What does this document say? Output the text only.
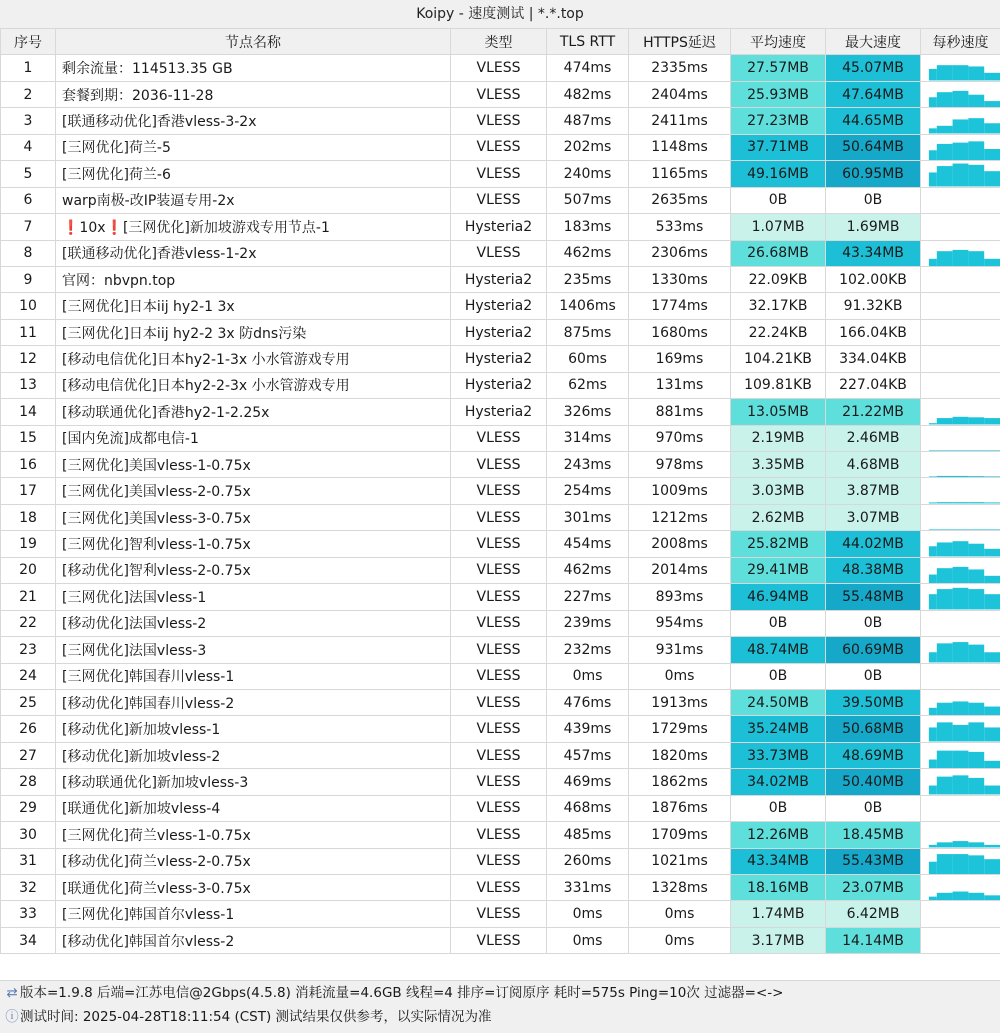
Koipy - 速度测试 | *.*.top
序号	节点名称	类型	TLS RTT	HTTPS延迟	平均速度	最大速度	每秒速度
1	剩余流量：114513.35 GB	VLESS	474ms	2335ms	27.57MB	45.07MB	

2	套餐到期：2036-11-28	VLESS	482ms	2404ms	25.93MB	47.64MB	

3	[联通移动优化]香港vless-3-2x	VLESS	487ms	2411ms	27.23MB	44.65MB	

4	[三网优化]荷兰-5	VLESS	202ms	1148ms	37.71MB	50.64MB	

5	[三网优化]荷兰-6	VLESS	240ms	1165ms	49.16MB	60.95MB	

6	warp南极-改IP装逼专用-2x	VLESS	507ms	2635ms	0B	0B	

7	❗10x❗[三网优化]新加坡游戏专用节点-1	Hysteria2	183ms	533ms	1.07MB	1.69MB	

8	[联通移动优化]香港vless-1-2x	VLESS	462ms	2306ms	26.68MB	43.34MB	

9	官网：nbvpn.top	Hysteria2	235ms	1330ms	22.09KB	102.00KB	

10	[三网优化]日本iij hy2-1 3x	Hysteria2	1406ms	1774ms	32.17KB	91.32KB	

11	[三网优化]日本iij hy2-2 3x 防dns污染	Hysteria2	875ms	1680ms	22.24KB	166.04KB	

12	[移动电信优化]日本hy2-1-3x 小水管游戏专用	Hysteria2	60ms	169ms	104.21KB	334.04KB	

13	[移动电信优化]日本hy2-2-3x 小水管游戏专用	Hysteria2	62ms	131ms	109.81KB	227.04KB	

14	[移动联通优化]香港hy2-1-2.25x	Hysteria2	326ms	881ms	13.05MB	21.22MB	

15	[国内免流]成都电信-1	VLESS	314ms	970ms	2.19MB	2.46MB	

16	[三网优化]美国vless-1-0.75x	VLESS	243ms	978ms	3.35MB	4.68MB	

17	[三网优化]美国vless-2-0.75x	VLESS	254ms	1009ms	3.03MB	3.87MB	

18	[三网优化]美国vless-3-0.75x	VLESS	301ms	1212ms	2.62MB	3.07MB	

19	[三网优化]智利vless-1-0.75x	VLESS	454ms	2008ms	25.82MB	44.02MB	

20	[移动优化]智利vless-2-0.75x	VLESS	462ms	2014ms	29.41MB	48.38MB	

21	[三网优化]法国vless-1	VLESS	227ms	893ms	46.94MB	55.48MB	

22	[移动优化]法国vless-2	VLESS	239ms	954ms	0B	0B	

23	[三网优化]法国vless-3	VLESS	232ms	931ms	48.74MB	60.69MB	

24	[三网优化]韩国春川vless-1	VLESS	0ms	0ms	0B	0B	

25	[移动优化]韩国春川vless-2	VLESS	476ms	1913ms	24.50MB	39.50MB	

26	[移动优化]新加坡vless-1	VLESS	439ms	1729ms	35.24MB	50.68MB	

27	[移动优化]新加坡vless-2	VLESS	457ms	1820ms	33.73MB	48.69MB	

28	[移动联通优化]新加坡vless-3	VLESS	469ms	1862ms	34.02MB	50.40MB	

29	[联通优化]新加坡vless-4	VLESS	468ms	1876ms	0B	0B	

30	[三网优化]荷兰vless-1-0.75x	VLESS	485ms	1709ms	12.26MB	18.45MB	

31	[移动优化]荷兰vless-2-0.75x	VLESS	260ms	1021ms	43.34MB	55.43MB	

32	[联通优化]荷兰vless-3-0.75x	VLESS	331ms	1328ms	18.16MB	23.07MB	

33	[三网优化]韩国首尔vless-1	VLESS	0ms	0ms	1.74MB	6.42MB	

34	[移动优化]韩国首尔vless-2	VLESS	0ms	0ms	3.17MB	14.14MB	
⇄ 版本=1.9.8 后端=江苏电信@2Gbps(4.5.8) 消耗流量=4.6GB 线程=4 排序=订阅原序 耗时=575s Ping=10次 过滤器=<->
ⓘ测试时间: 2025-04-28T18:11:54 (CST) 测试结果仅供参考，以实际情况为准
